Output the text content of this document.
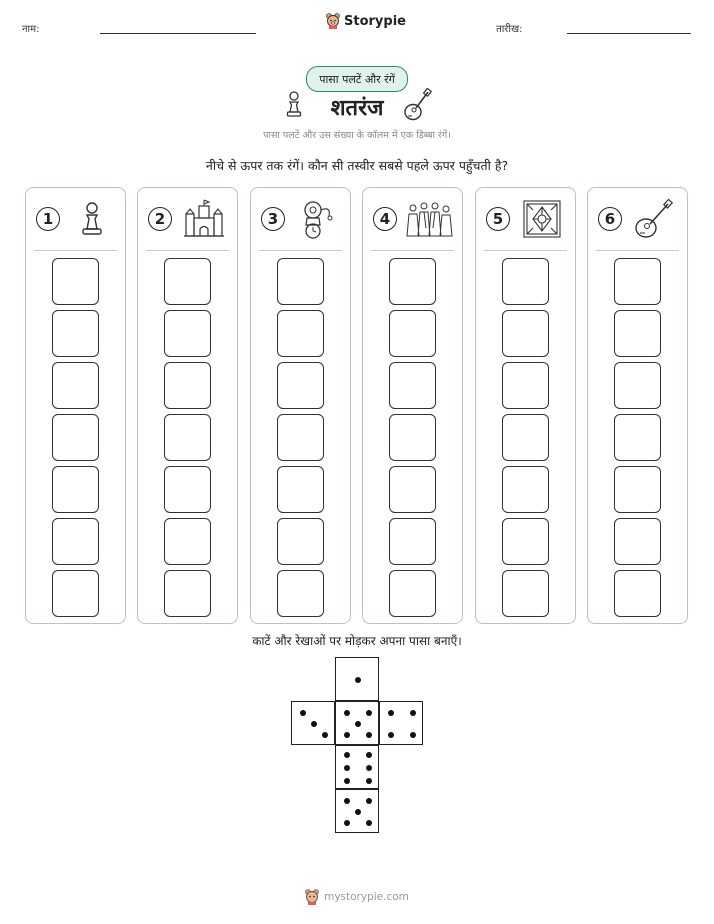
नाम:
Storypie
तारीख:
पासा पलटें और रंगें
शतरंज
पासा पलटें और उस संख्या के कॉलम में एक डिब्बा रंगें।
नीचे से ऊपर तक रंगें। कौन सी तस्वीर सबसे पहले ऊपर पहुँचती है?
1	2	3	4	5	6
काटें और रेखाओं पर मोड़कर अपना पासा बनाएँ।
mystorypie.com
